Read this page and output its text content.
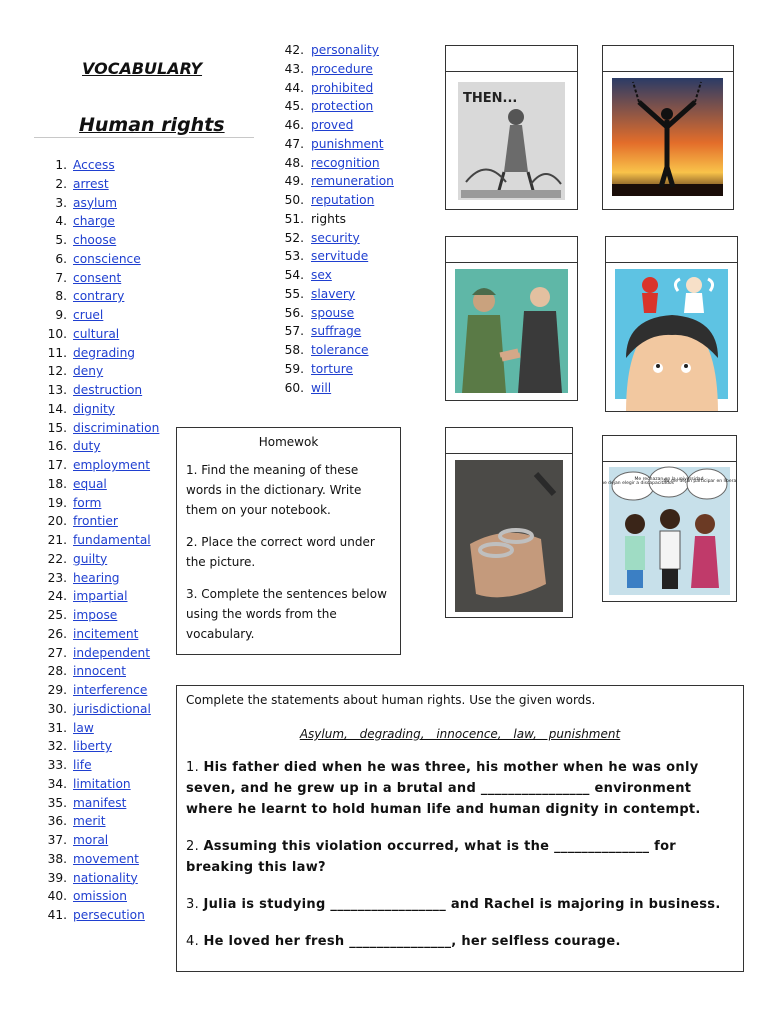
VOCABULARY
Human rights
1. Access
2. arrest
3. asylum
4. charge
5. choose
6. conscience
7. consent
8. contrary
9. cruel
10. cultural
11. degrading
12. deny
13. destruction
14. dignity
15. discrimination
16. duty
17. employment
18. equal
19. form
20. frontier
21. fundamental
22. guilty
23. hearing
24. impartial
25. impose
26. incitement
27. independent
28. innocent
29. interference
30. jurisdictional
31. law
32. liberty
33. life
34. limitation
35. manifest
36. merit
37. moral
38. movement
39. nationality
40. omission
41. persecution
42. personality
43. procedure
44. prohibited
45. protection
46. proved
47. punishment
48. recognition
49. remuneration
50. reputation
51. rights
52. security
53. servitude
54. sex
55. slavery
56. spouse
57. suffrage
58. tolerance
59. torture
60. will
THEN...
e dejan elegir a discapacitados
Me rechazan en la universidad
No me dejan participar en libera
Homewok

1. Find the meaning of these words in the dictionary. Write them on your notebook.

2. Place the correct word under the picture.

3. Complete the sentences below using the words from the vocabulary.

Complete the statements about human rights. Use the given words.
Asylum, degrading, innocence, law, punishment
1. His father died when he was three, his mother when he was only seven, and he grew up in a brutal and ________________ environment where he learnt to hold human life and human dignity in contempt.
2. Assuming this violation occurred, what is the ______________ for breaking this law?
3. Julia is studying _________________ and Rachel is majoring in business.
4. He loved her fresh _______________, her selfless courage.
